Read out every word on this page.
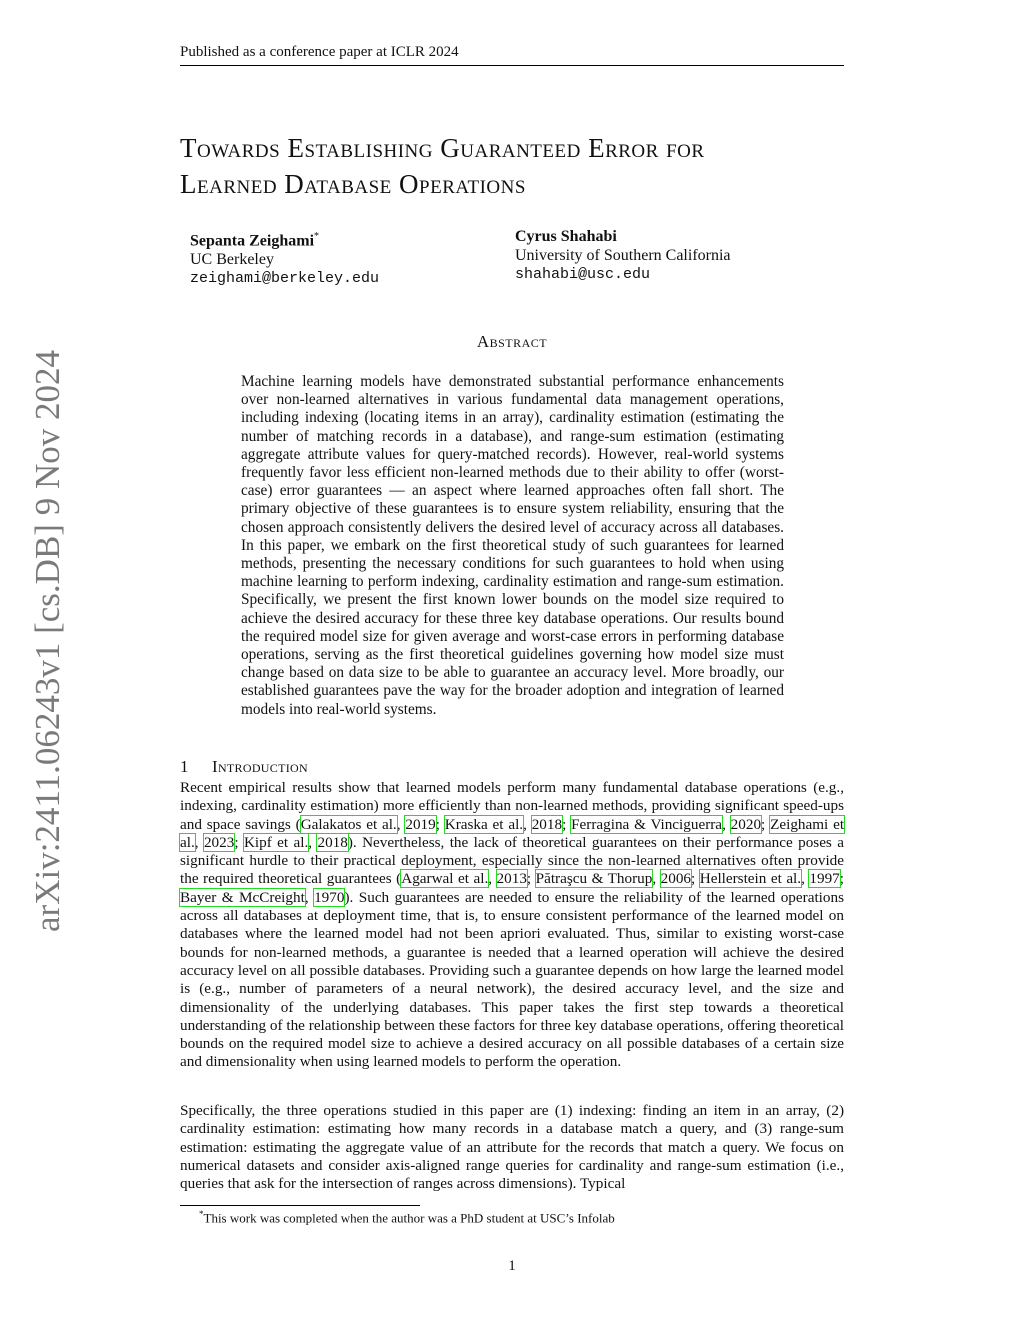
Published as a conference paper at ICLR 2024
arXiv:2411.06243v1 [cs.DB] 9 Nov 2024
Towards Establishing Guaranteed Error for
Learned Database Operations
Sepanta Zeighami*
UC Berkeley
zeighami@berkeley.edu
Cyrus Shahabi
University of Southern California
shahabi@usc.edu
Abstract
Machine learning models have demonstrated substantial performance enhancements over non-learned alternatives in various fundamental data management operations, including indexing (locating items in an array), cardinality estimation (estimating the number of matching records in a database), and range-sum estimation (estimating aggregate attribute values for query-matched records). However, real-world systems frequently favor less efficient non-learned methods due to their ability to offer (worst-case) error guarantees — an aspect where learned approaches often fall short. The primary objective of these guarantees is to ensure system reliability, ensuring that the chosen approach consistently delivers the desired level of accuracy across all databases. In this paper, we embark on the first theoretical study of such guarantees for learned methods, presenting the necessary conditions for such guarantees to hold when using machine learning to perform indexing, cardinality estimation and range-sum estimation. Specifically, we present the first known lower bounds on the model size required to achieve the desired accuracy for these three key database operations. Our results bound the required model size for given average and worst-case errors in performing database operations, serving as the first theoretical guidelines governing how model size must change based on data size to be able to guarantee an accuracy level. More broadly, our established guarantees pave the way for the broader adoption and integration of learned models into real-world systems.
1 Introduction
Recent empirical results show that learned models perform many fundamental database operations (e.g., indexing, cardinality estimation) more efficiently than non-learned methods, providing significant speed-ups and space savings (Galakatos et al., 2019; Kraska et al., 2018; Ferragina & Vinciguerra, 2020; Zeighami et al., 2023; Kipf et al., 2018). Nevertheless, the lack of theoretical guarantees on their performance poses a significant hurdle to their practical deployment, especially since the non-learned alternatives often provide the required theoretical guarantees (Agarwal et al., 2013; Pătraşcu & Thorup, 2006; Hellerstein et al., 1997; Bayer & McCreight, 1970). Such guarantees are needed to ensure the reliability of the learned operations across all databases at deployment time, that is, to ensure consistent performance of the learned model on databases where the learned model had not been apriori evaluated. Thus, similar to existing worst-case bounds for non-learned methods, a guarantee is needed that a learned operation will achieve the desired accuracy level on all possible databases. Providing such a guarantee depends on how large the learned model is (e.g., number of parameters of a neural network), the desired accuracy level, and the size and dimensionality of the underlying databases. This paper takes the first step towards a theoretical understanding of the relationship between these factors for three key database operations, offering theoretical bounds on the required model size to achieve a desired accuracy on all possible databases of a certain size and dimensionality when using learned models to perform the operation.
Specifically, the three operations studied in this paper are (1) indexing: finding an item in an array, (2) cardinality estimation: estimating how many records in a database match a query, and (3) range-sum estimation: estimating the aggregate value of an attribute for the records that match a query. We focus on numerical datasets and consider axis-aligned range queries for cardinality and range-sum estimation (i.e., queries that ask for the intersection of ranges across dimensions). Typical
*This work was completed when the author was a PhD student at USC’s Infolab
1
